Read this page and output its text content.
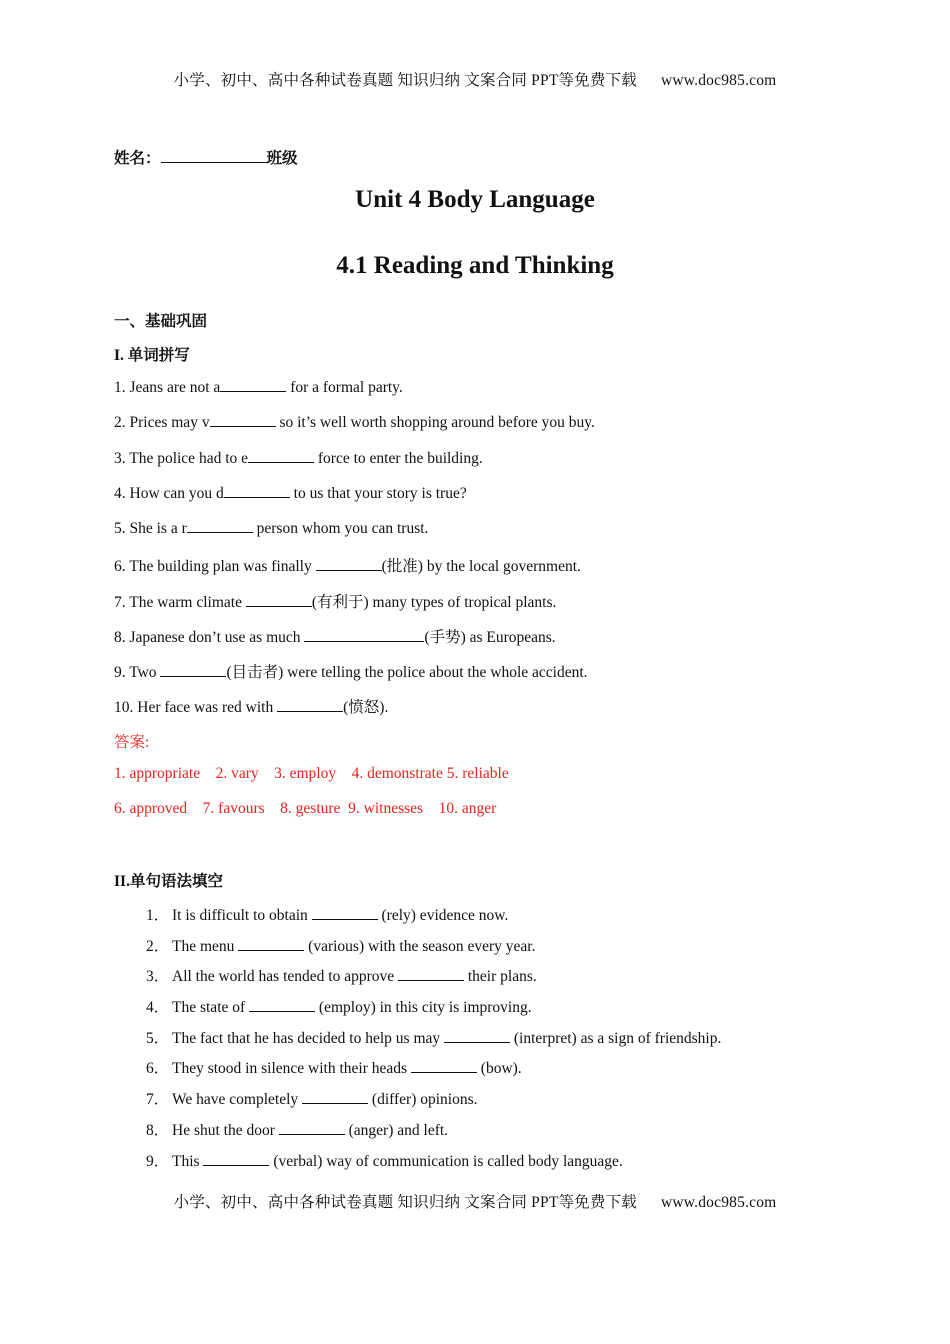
小学、初中、高中各种试卷真题 知识归纳 文案合同 PPT等免费下载 www.doc985.com
姓名：	班级
Unit 4 Body Language
4.1 Reading and Thinking
一、基础巩固
I. 单词拼写
1. Jeans are not a	for a formal party.
2. Prices may v	so it’s well worth shopping around before you buy.
3. The police had to e	force to enter the building.
4. How can you d	to us that your story is true?
5. She is a r	person whom you can trust.
6. The building plan was finally	(批准) by the local government.
7. The warm climate	(有利于) many types of tropical plants.
8. Japanese don’t use as much	(手势) as Europeans.
9. Two	(目击者) were telling the police about the whole accident.
10. Her face was red with	(愤怒).
答案:
1. appropriate    2. vary    3. employ    4. demonstrate 5. reliable
6. approved    7. favours    8. gesture  9. witnesses    10. anger
II.单句语法填空
1． It is difficult to obtain	(rely) evidence now.
2． The menu	(various) with the season every year.
3． All the world has tended to approve	their plans.
4． The state of	(employ) in this city is improving.
5． The fact that he has decided to help us may	(interpret) as a sign of friendship.
6． They stood in silence with their heads	(bow).
7． We have completely	(differ) opinions.
8． He shut the door	(anger) and left.
9． This	(verbal) way of communication is called body language.
小学、初中、高中各种试卷真题 知识归纳 文案合同 PPT等免费下载 www.doc985.com
